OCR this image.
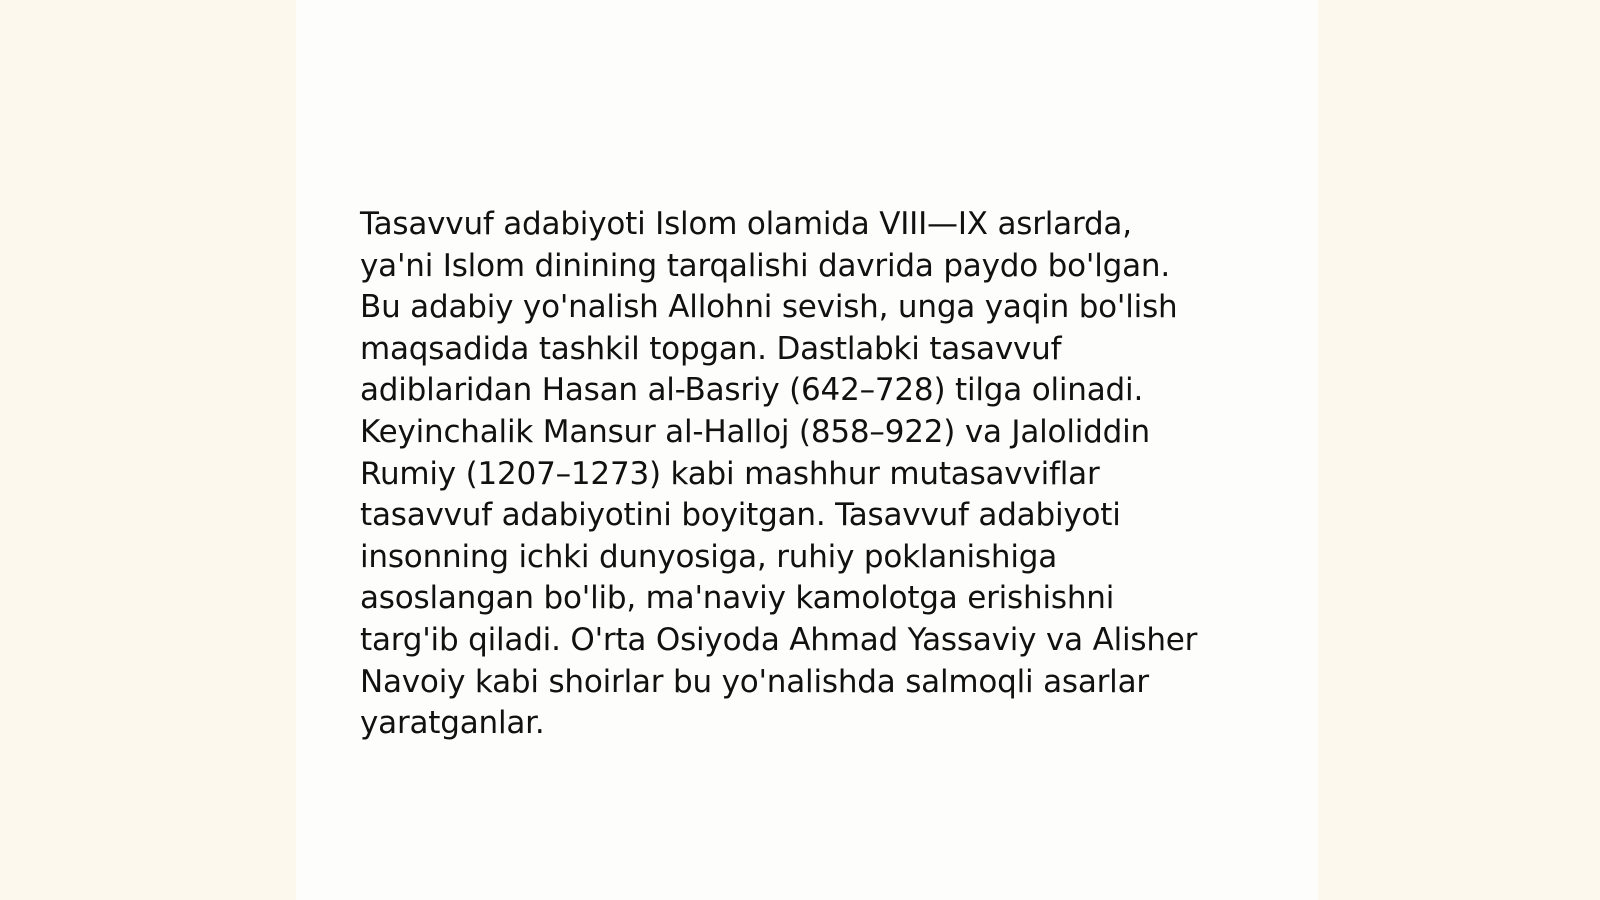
Tasavvuf adabiyoti Islom olamida VIII—IX asrlarda,
ya'ni Islom dinining tarqalishi davrida paydo bo'lgan.
Bu adabiy yo'nalish Allohni sevish, unga yaqin bo'lish
maqsadida tashkil topgan. Dastlabki tasavvuf
adiblaridan Hasan al-Basriy (642–728) tilga olinadi.
Keyinchalik Mansur al-Halloj (858–922) va Jaloliddin
Rumiy (1207–1273) kabi mashhur mutasavviflar
tasavvuf adabiyotini boyitgan. Tasavvuf adabiyoti
insonning ichki dunyosiga, ruhiy poklanishiga
asoslangan bo'lib, ma'naviy kamolotga erishishni
targ'ib qiladi. O'rta Osiyoda Ahmad Yassaviy va Alisher
Navoiy kabi shoirlar bu yo'nalishda salmoqli asarlar
yaratganlar.
